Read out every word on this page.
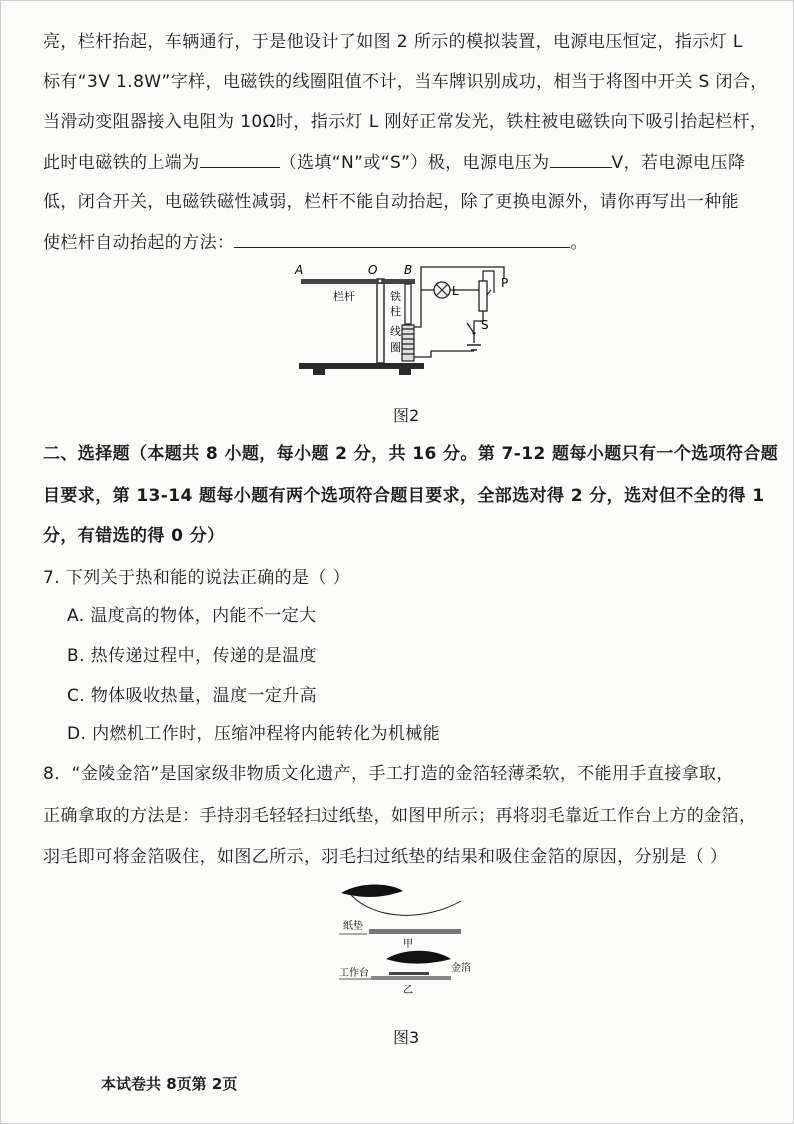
亮，栏杆抬起，车辆通行，于是他设计了如图 2 所示的模拟装置，电源电压恒定，指示灯 L
标有“3V 1.8W”字样，电磁铁的线圈阻值不计，当车牌识别成功，相当于将图中开关 S 闭合，
当滑动变阻器接入电阻为 10Ω时，指示灯 L 刚好正常发光，铁柱被电磁铁向下吸引抬起栏杆，
此时电磁铁的上端为	（选填“N”或“S”）极，电源电压为	V，若电源电压降
低，闭合开关，电磁铁磁性减弱，栏杆不能自动抬起，除了更换电源外，请你再写出一种能
使栏杆自动抬起的方法：	。
A	O B
P
L
S
栏杆	铁
柱
线
圈
图2
二、选择题（本题共 8 小题，每小题 2 分，共 16 分。第 7-12 题每小题只有一个选项符合题
目要求，第 13-14 题每小题有两个选项符合题目要求，全部选对得 2 分，选对但不全的得 1
分，有错选的得 0 分）
7. 下列关于热和能的说法正确的是（ ）
A. 温度高的物体，内能不一定大
B. 热传递过程中，传递的是温度
C. 物体吸收热量，温度一定升高
D. 内燃机工作时，压缩冲程将内能转化为机械能
8．“金陵金箔”是国家级非物质文化遗产，手工打造的金箔轻薄柔软，不能用手直接拿取，
正确拿取的方法是：手持羽毛轻轻扫过纸垫，如图甲所示；再将羽毛靠近工作台上方的金箔，
羽毛即可将金箔吸住，如图乙所示，羽毛扫过纸垫的结果和吸住金箔的原因，分别是（ ）
纸垫
甲
工作台	金箔
乙
图3
本试卷共 8页第 2页
